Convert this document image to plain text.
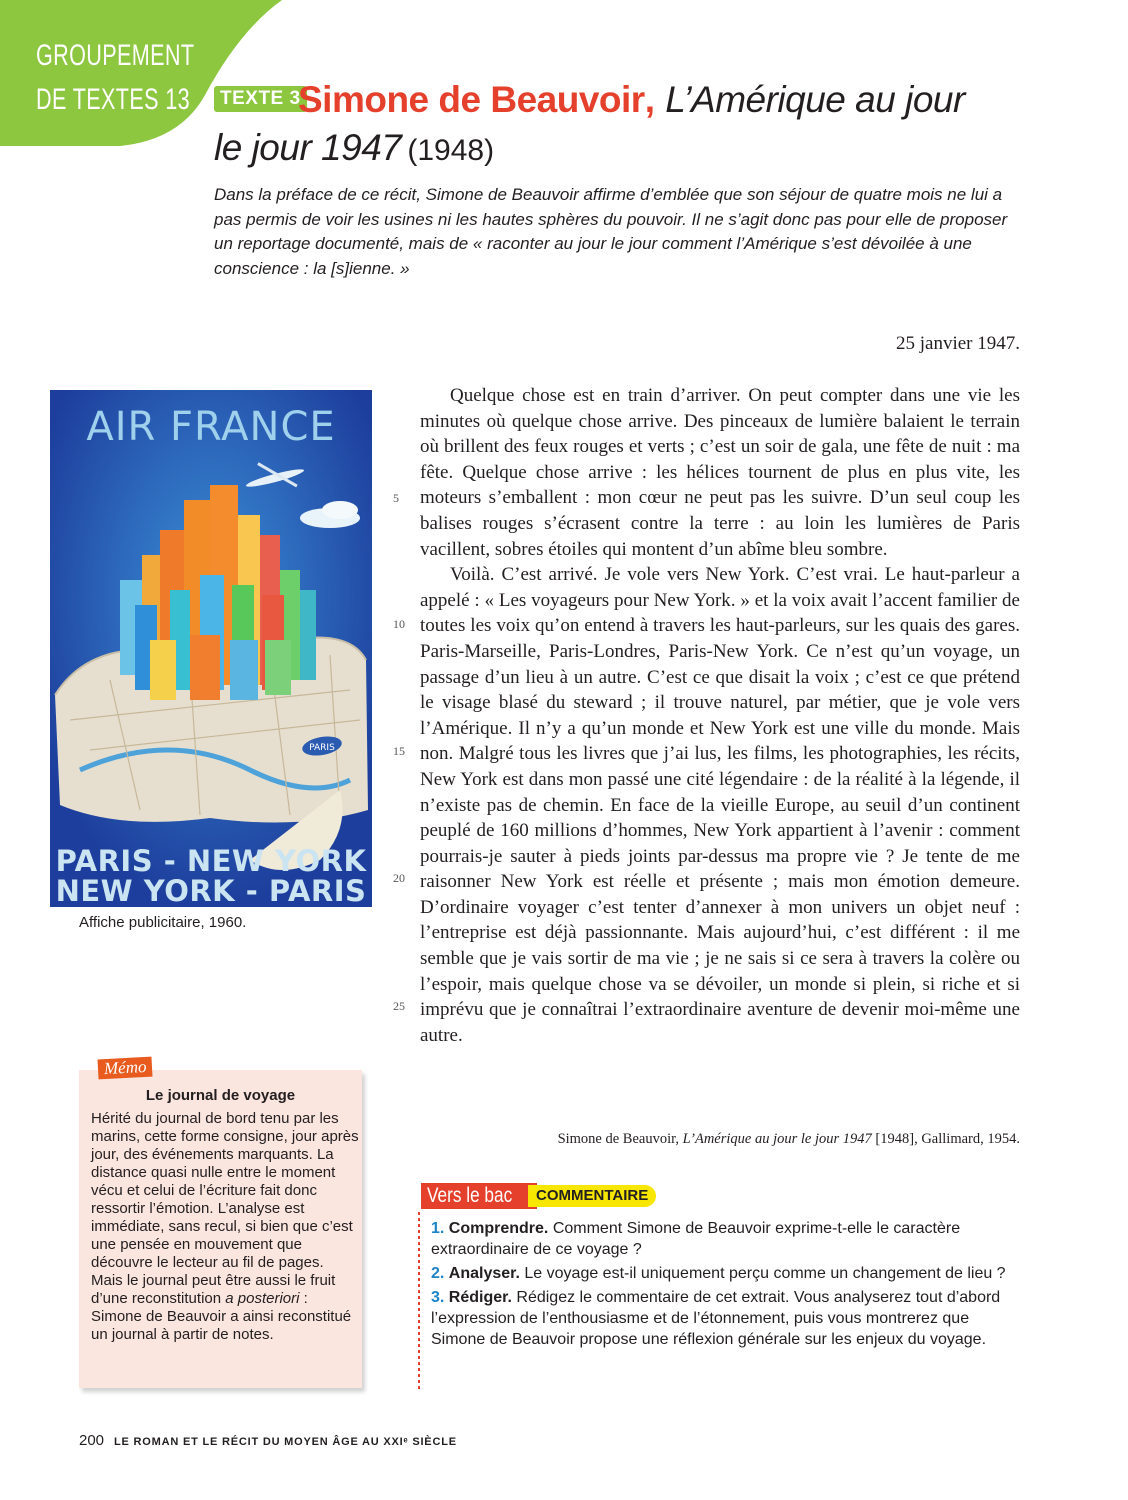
GROUPEMENT
DE TEXTES 13	TEXTE 3
Simone de Beauvoir, L’Amérique au jour
le jour 1947 (1948)
Dans la préface de ce récit, Simone de Beauvoir affirme d’emblée que son séjour de quatre mois ne lui a pas permis de voir les usines ni les hautes sphères du pouvoir. Il ne s’agit donc pas pour elle de proposer un reportage documenté, mais de « raconter au jour le jour comment l’Amérique s’est dévoilée à une conscience : la [s]ienne. »
25 janvier 1947.
PARIS
AIR FRANCE
PARIS - NEW YORK
NEW YORK - PARIS
Affiche publicitaire, 1960.

Quelque chose est en train d’arriver. On peut compter dans une vie les minutes où quelque chose arrive. Des pinceaux de lumière balaient le terrain où brillent des feux rouges et verts ; c’est un soir de gala, une fête de nuit : ma fête. Quelque chose arrive : les hélices tournent de plus en plus vite, les moteurs s’emballent : mon cœur ne peut pas les suivre. D’un seul coup les balises rouges s’écrasent contre la terre : au loin les lumières de Paris vacillent, sobres étoiles qui montent d’un abîme bleu sombre.

Voilà. C’est arrivé. Je vole vers New York. C’est vrai. Le haut-parleur a appelé : « Les voyageurs pour New York. » et la voix avait l’accent familier de toutes les voix qu’on entend à travers les haut-parleurs, sur les quais des gares. Paris-Marseille, Paris-Londres, Paris-New York. Ce n’est qu’un voyage, un passage d’un lieu à un autre. C’est ce que disait la voix ; c’est ce que prétend le visage blasé du steward ; il trouve naturel, par métier, que je vole vers l’Amérique. Il n’y a qu’un monde et New York est une ville du monde. Mais non. Malgré tous les livres que j’ai lus, les films, les photographies, les récits, New York est dans mon passé une cité légendaire : de la réalité à la légende, il n’existe pas de chemin. En face de la vieille Europe, au seuil d’un continent peuplé de 160 millions d’hommes, New York appartient à l’avenir : comment pourrais-je sauter à pieds joints par-dessus ma propre vie ? Je tente de me raisonner New York est réelle et présente ; mais mon émotion demeure. D’ordinaire voyager c’est tenter d’annexer à mon univers un objet neuf : l’entreprise est déjà passionnante. Mais aujourd’hui, c’est différent : il me semble que je vais sortir de ma vie ; je ne sais si ce sera à travers la colère ou l’espoir, mais quelque chose va se dévoiler, un monde si plein, si riche et si imprévu que je connaîtrai l’extraordinaire aventure de devenir moi-même une autre.

5
10
15
20
25
Simone de Beauvoir, L’Amérique au jour le jour 1947 [1948], Gallimard, 1954.
Mémo
Le journal de voyage
Hérité du journal de bord tenu par les marins, cette forme consigne, jour après jour, des événements marquants. La distance quasi nulle entre le moment vécu et celui de l’écriture fait donc ressortir l’émotion. L’analyse est immédiate, sans recul, si bien que c’est une pensée en mouvement que découvre le lecteur au fil de pages. Mais le journal peut être aussi le fruit d’une reconstitution a posteriori : Simone de Beauvoir a ainsi reconstitué un journal à partir de notes.
Vers le bac	COMMENTAIRE
1. Comprendre. Comment Simone de Beauvoir exprime-t-elle le caractère extraordinaire de ce voyage ?
2. Analyser. Le voyage est-il uniquement perçu comme un changement de lieu ?
3. Rédiger. Rédigez le commentaire de cet extrait. Vous analyserez tout d’abord l’expression de l’enthousiasme et de l’étonnement, puis vous montrerez que Simone de Beauvoir propose une réflexion générale sur les enjeux du voyage.
200 LE ROMAN ET LE RÉCIT DU MOYEN ÂGE AU XXIᵉ SIÈCLE
